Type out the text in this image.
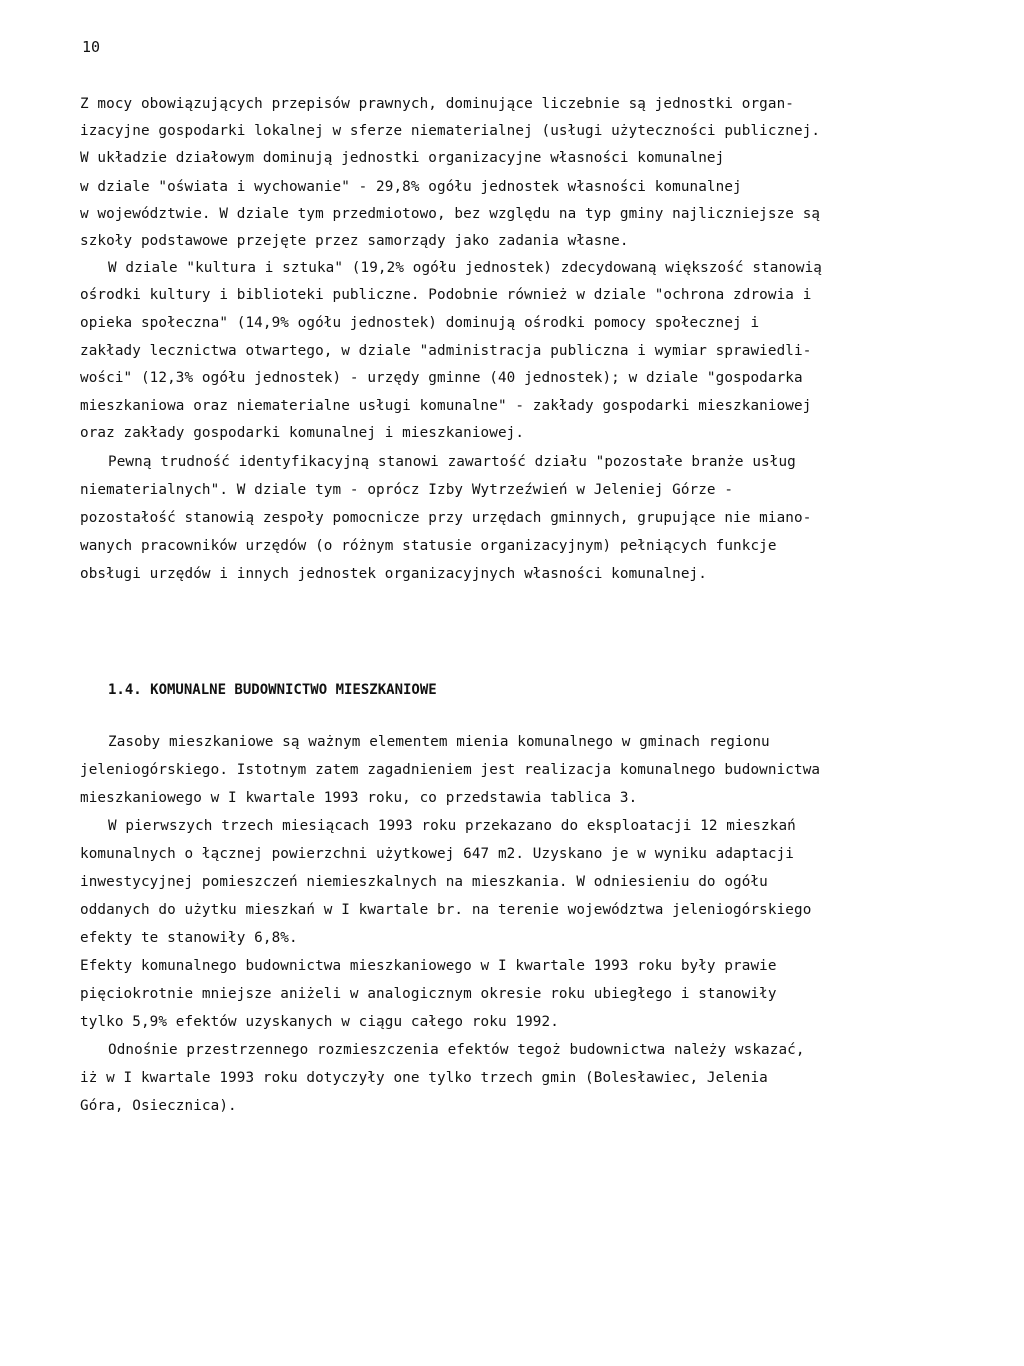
10
Z mocy obowiązujących przepisów prawnych, dominujące liczebnie są jednostki organ-
izacyjne gospodarki lokalnej w sferze niematerialnej (usługi użyteczności publicznej.
W układzie działowym dominują jednostki organizacyjne własności komunalnej
w dziale "oświata i wychowanie" - 29,8% ogółu jednostek własności komunalnej
w województwie. W dziale tym przedmiotowo, bez względu na typ gminy najliczniejsze są
szkoły podstawowe przejęte przez samorządy jako zadania własne.
W dziale "kultura i sztuka" (19,2% ogółu jednostek) zdecydowaną większość stanowią
ośrodki kultury i biblioteki publiczne. Podobnie również w dziale "ochrona zdrowia i
opieka społeczna" (14,9% ogółu jednostek) dominują ośrodki pomocy społecznej i
zakłady lecznictwa otwartego, w dziale "administracja publiczna i wymiar sprawiedli-
wości" (12,3% ogółu jednostek) - urzędy gminne (40 jednostek); w dziale "gospodarka
mieszkaniowa oraz niematerialne usługi komunalne" - zakłady gospodarki mieszkaniowej
oraz zakłady gospodarki komunalnej i mieszkaniowej.
Pewną trudność identyfikacyjną stanowi zawartość działu "pozostałe branże usług
niematerialnych". W dziale tym - oprócz Izby Wytrzeźwień w Jeleniej Górze -
pozostałość stanowią zespoły pomocnicze przy urzędach gminnych, grupujące nie miano-
wanych pracowników urzędów (o różnym statusie organizacyjnym) pełniących funkcje
obsługi urzędów i innych jednostek organizacyjnych własności komunalnej.
1.4. KOMUNALNE BUDOWNICTWO MIESZKANIOWE
Zasoby mieszkaniowe są ważnym elementem mienia komunalnego w gminach regionu
jeleniogórskiego. Istotnym zatem zagadnieniem jest realizacja komunalnego budownictwa
mieszkaniowego w I kwartale 1993 roku, co przedstawia tablica 3.
W pierwszych trzech miesiącach 1993 roku przekazano do eksploatacji 12 mieszkań
komunalnych o łącznej powierzchni użytkowej 647 m2. Uzyskano je w wyniku adaptacji
inwestycyjnej pomieszczeń niemieszkalnych na mieszkania. W odniesieniu do ogółu
oddanych do użytku mieszkań w I kwartale br. na terenie województwa jeleniogórskiego
efekty te stanowiły 6,8%.
Efekty komunalnego budownictwa mieszkaniowego w I kwartale 1993 roku były prawie
pięciokrotnie mniejsze aniżeli w analogicznym okresie roku ubiegłego i stanowiły
tylko 5,9% efektów uzyskanych w ciągu całego roku 1992.
Odnośnie przestrzennego rozmieszczenia efektów tegoż budownictwa należy wskazać,
iż w I kwartale 1993 roku dotyczyły one tylko trzech gmin (Bolesławiec, Jelenia
Góra, Osiecznica).
